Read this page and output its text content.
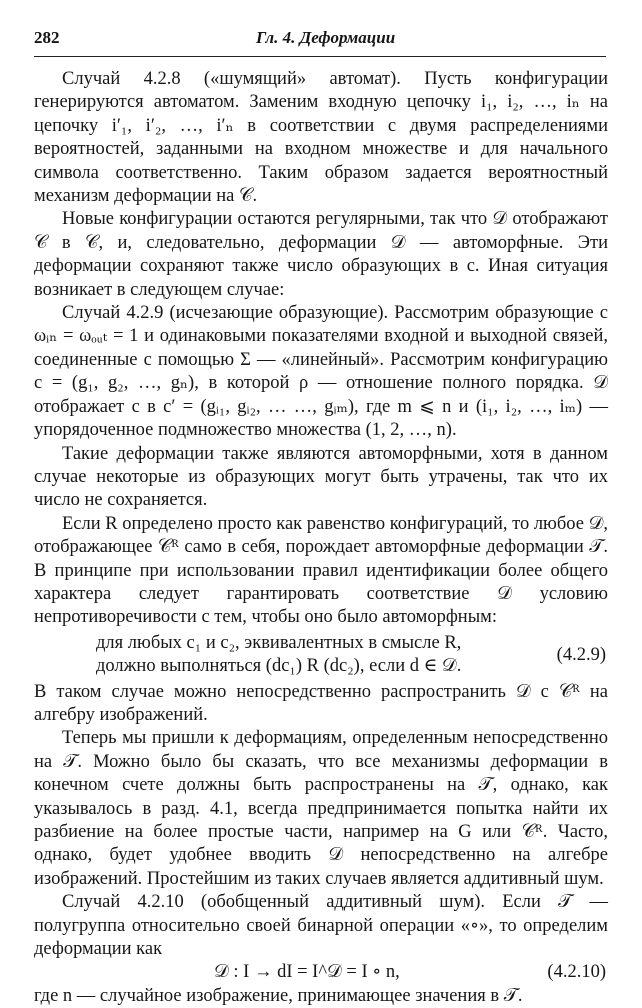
282	Гл. 4. Деформации

Случай 4.2.8 («шумящий» автомат). Пусть конфигурации генерируются автоматом. Заменим входную цепочку i₁, i₂, …, iₙ на цепочку i′₁, i′₂, …, i′ₙ в соответствии с двумя распределениями вероятностей, заданными на входном множестве и для начального символа соответственно. Таким образом задается вероятностный механизм деформации на 𝒞.

Новые конфигурации остаются регулярными, так что 𝒟 отображают 𝒞 в 𝒞, и, следовательно, деформации 𝒟 — автоморфные. Эти деформации сохраняют также число образующих в c. Иная ситуация возникает в следующем случае:

Случай 4.2.9 (исчезающие образующие). Рассмотрим образующие с ωᵢₙ = ωₒᵤₜ = 1 и одинаковыми показателями входной и выходной связей, соединенные с помощью Σ — «линейный». Рассмотрим конфигурацию c = (g₁, g₂, …, gₙ), в которой ρ — отношение полного порядка. 𝒟 отображает c в c′ = (gᵢ₁, gᵢ₂, … …, gᵢₘ), где m ⩽ n и (i₁, i₂, …, iₘ) — упорядоченное подмножество множества (1, 2, …, n).

Такие деформации также являются автоморфными, хотя в данном случае некоторые из образующих могут быть утрачены, так что их число не сохраняется.

Если R определено просто как равенство конфигураций, то любое 𝒟, отображающее 𝒞ᴿ само в себя, порождает автоморфные деформации 𝒯. В принципе при использовании правил идентификации более общего характера следует гарантировать соответствие 𝒟 условию непротиворечивости с тем, чтобы оно было автоморфным:

для любых c₁ и c₂, эквивалентных в смысле R,
должно выполняться (dc₁) R (dc₂), если d ∈ 𝒟.
(4.2.9)

В таком случае можно непосредственно распространить 𝒟 с 𝒞ᴿ на алгебру изображений.

Теперь мы пришли к деформациям, определенным непосредственно на 𝒯. Можно было бы сказать, что все механизмы деформации в конечном счете должны быть распространены на 𝒯, однако, как указывалось в разд. 4.1, всегда предпринимается попытка найти их разбиение на более простые части, например на G или 𝒞ᴿ. Часто, однако, будет удобнее вводить 𝒟 непосредственно на алгебре изображений. Простейшим из таких случаев является аддитивный шум.

Случай 4.2.10 (обобщенный аддитивный шум). Если 𝒯 — полугруппа относительно своей бинарной операции «∘», то определим деформации как

𝒟 : I → dI = I^𝒟 = I ∘ n,	(4.2.10)

где n — случайное изображение, принимающее значения в 𝒯.
